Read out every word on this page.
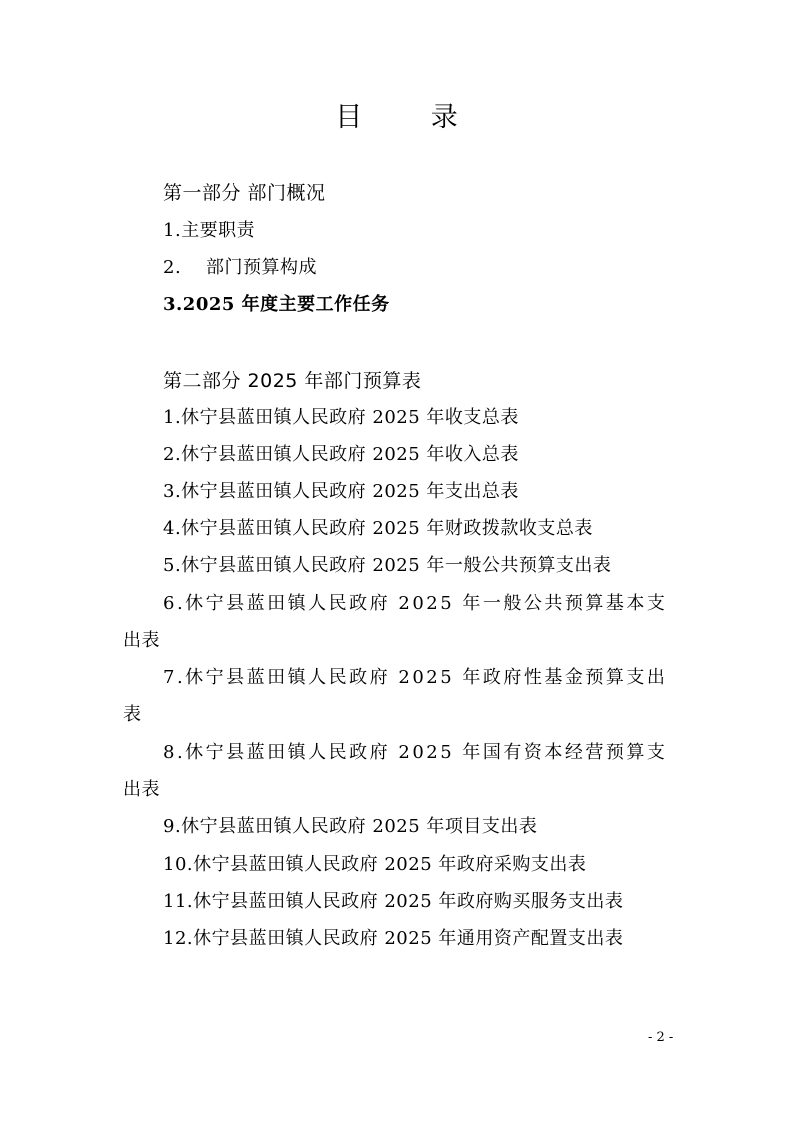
目 录
第一部分 部门概况
1.主要职责
2. 部门预算构成
3.2025 年度主要工作任务
第二部分 2025 年部门预算表
1.休宁县蓝田镇人民政府 2025 年收支总表
2.休宁县蓝田镇人民政府 2025 年收入总表
3.休宁县蓝田镇人民政府 2025 年支出总表
4.休宁县蓝田镇人民政府 2025 年财政拨款收支总表
5.休宁县蓝田镇人民政府 2025 年一般公共预算支出表
6.休宁县蓝田镇人民政府 2025 年一般公共预算基本支
出表
7.休宁县蓝田镇人民政府 2025 年政府性基金预算支出
表
8.休宁县蓝田镇人民政府 2025 年国有资本经营预算支
出表
9.休宁县蓝田镇人民政府 2025 年项目支出表
10.休宁县蓝田镇人民政府 2025 年政府采购支出表
11.休宁县蓝田镇人民政府 2025 年政府购买服务支出表
12.休宁县蓝田镇人民政府 2025 年通用资产配置支出表
- 2 -
